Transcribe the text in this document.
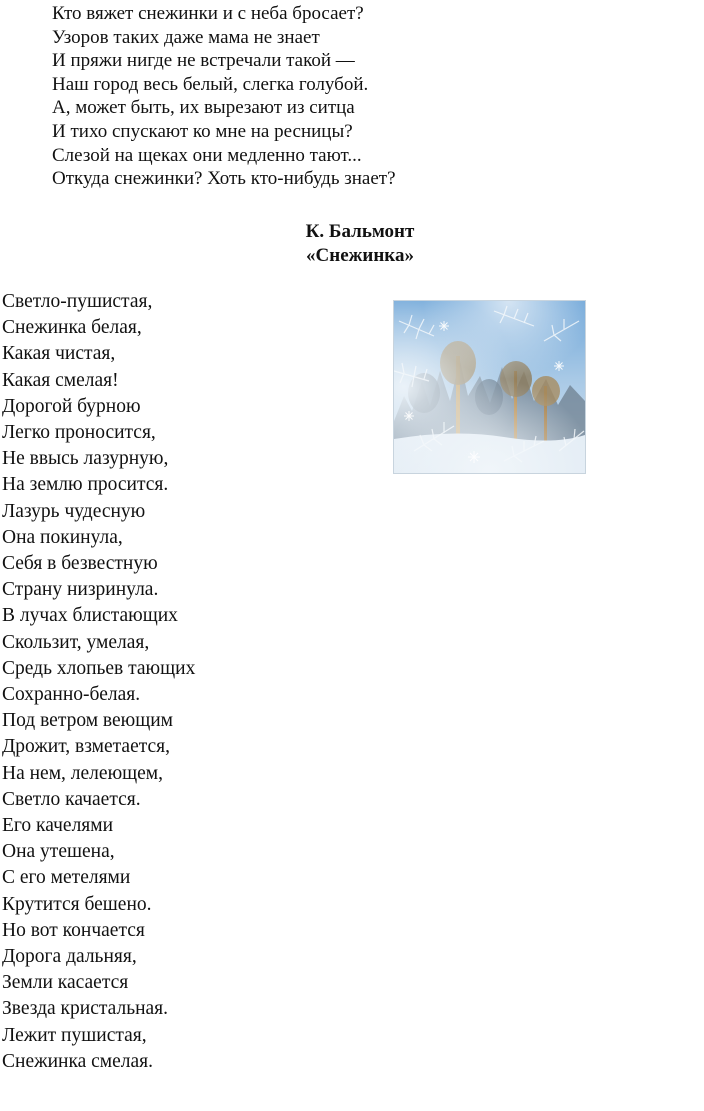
Кто вяжет снежинки и с неба бросает?
Узоров таких даже мама не знает
И пряжи нигде не встречали такой —
Наш город весь белый, слегка голубой.
А, может быть, их вырезают из ситца
И тихо спускают ко мне на ресницы?
Слезой на щеках они медленно тают...
Откуда снежинки? Хоть кто-нибудь знает?
К. Бальмонт
«Снежинка»
Светло-пушистая,
Снежинка белая,
Какая чистая,
Какая смелая!
Дорогой бурною
Легко проносится,
Не ввысь лазурную,
На землю просится.
Лазурь чудесную
Она покинула,
Себя в безвестную
Страну низринула.
В лучах блистающих
Скользит, умелая,
Средь хлопьев тающих
Сохранно-белая.
Под ветром веющим
Дрожит, взметается,
На нем, лелеющем,
Светло качается.
Его качелями
Она утешена,
С его метелями
Крутится бешено.
Но вот кончается
Дорога дальняя,
Земли касается
Звезда кристальная.
Лежит пушистая,
Снежинка смелая.
